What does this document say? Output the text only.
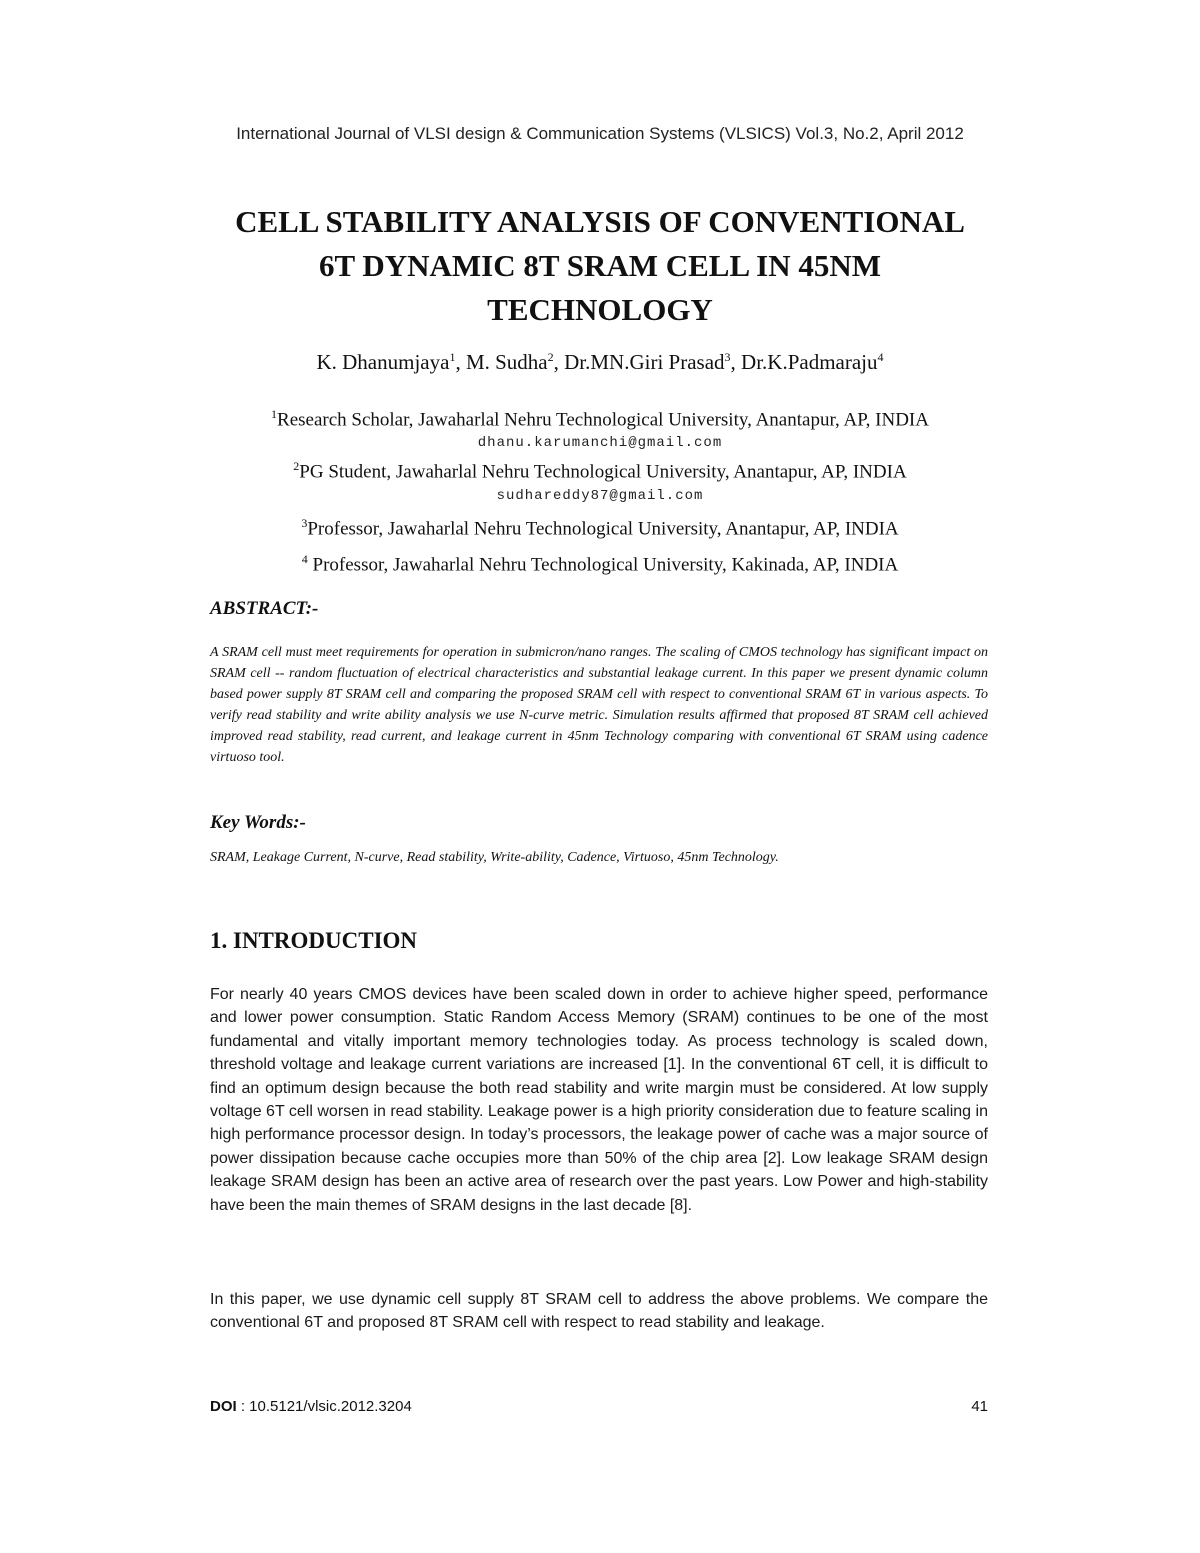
International Journal of VLSI design & Communication Systems (VLSICS) Vol.3, No.2, April 2012
CELL STABILITY ANALYSIS OF CONVENTIONAL
6T DYNAMIC 8T SRAM CELL IN 45NM
TECHNOLOGY
K. Dhanumjaya$^1$, M. Sudha$^2$, Dr.MN.Giri Prasad$^3$, Dr.K.Padmaraju$^4$
$^1$Research Scholar, Jawaharlal Nehru Technological University, Anantapur, AP, INDIA
dhanu.karumanchi@gmail.com
$^2$PG Student, Jawaharlal Nehru Technological University, Anantapur, AP, INDIA
sudhareddy87@gmail.com
$^3$Professor, Jawaharlal Nehru Technological University, Anantapur, AP, INDIA
$^4$ Professor, Jawaharlal Nehru Technological University, Kakinada, AP, INDIA
ABSTRACT:-
A SRAM cell must meet requirements for operation in submicron/nano ranges. The scaling of CMOS technology has significant impact on SRAM cell -- random fluctuation of electrical characteristics and substantial leakage current. In this paper we present dynamic column based power supply 8T SRAM cell and comparing the proposed SRAM cell with respect to conventional SRAM 6T in various aspects. To verify read stability and write ability analysis we use N-curve metric. Simulation results affirmed that proposed 8T SRAM cell achieved improved read stability, read current, and leakage current in 45nm Technology comparing with conventional 6T SRAM using cadence virtuoso tool.
Key Words:-
SRAM, Leakage Current, N-curve, Read stability, Write-ability, Cadence, Virtuoso, 45nm Technology.
1. INTRODUCTION
For nearly 40 years CMOS devices have been scaled down in order to achieve higher speed, performance and lower power consumption. Static Random Access Memory (SRAM) continues to be one of the most fundamental and vitally important memory technologies today. As process technology is scaled down, threshold voltage and leakage current variations are increased [1]. In the conventional 6T cell, it is difficult to find an optimum design because the both read stability and write margin must be considered. At low supply voltage 6T cell worsen in read stability. Leakage power is a high priority consideration due to feature scaling in high performance processor design. In today’s processors, the leakage power of cache was a major source of power dissipation because cache occupies more than 50% of the chip area [2]. Low leakage SRAM design leakage SRAM design has been an active area of research over the past years. Low Power and high-stability have been the main themes of SRAM designs in the last decade [8].
In this paper, we use dynamic cell supply 8T SRAM cell to address the above problems. We compare the conventional 6T and proposed 8T SRAM cell with respect to read stability and leakage.
DOI : 10.5121/vlsic.2012.3204	41
